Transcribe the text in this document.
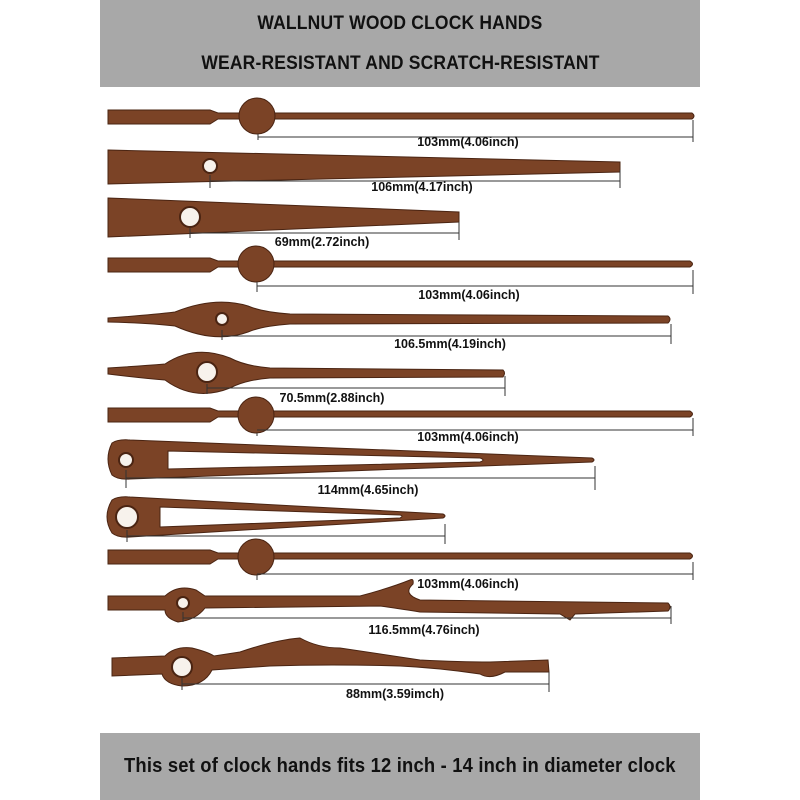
WALLNUT WOOD CLOCK HANDS
WEAR-RESISTANT AND SCRATCH-RESISTANT
103mm(4.06inch)
106mm(4.17inch)
69mm(2.72inch)
103mm(4.06inch)
106.5mm(4.19inch)
70.5mm(2.88inch)
103mm(4.06inch)
114mm(4.65inch)
103mm(4.06inch)
116.5mm(4.76inch)
88mm(3.59imch)
This set of clock hands fits 12 inch - 14 inch in diameter clock
